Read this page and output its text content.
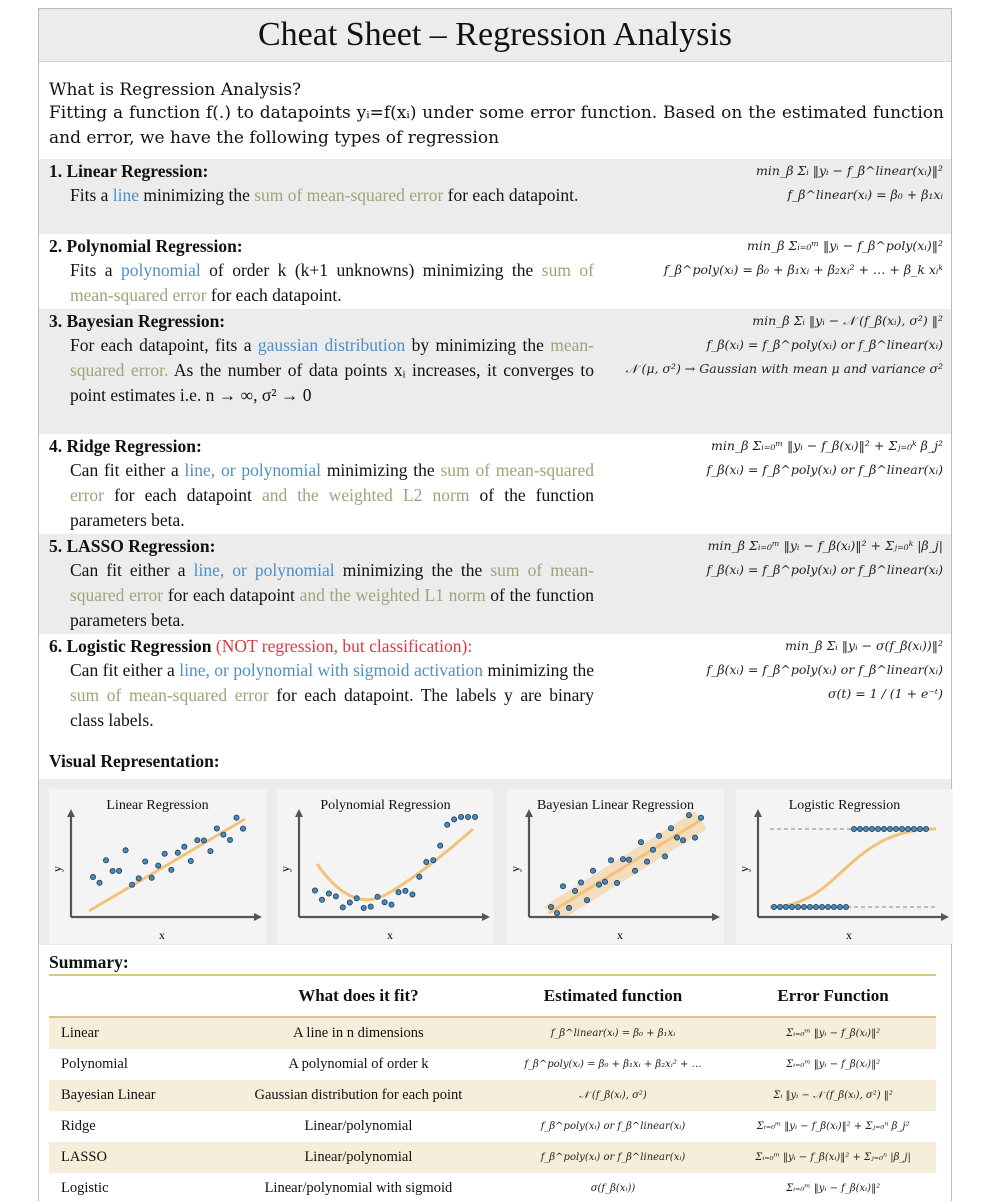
Cheat Sheet – Regression Analysis

What is Regression Analysis?

Fitting a function f(.) to datapoints yᵢ=f(xᵢ) under some error function. Based on the estimated function and error, we have the following types of regression

1. Linear Regression:
Fits a line minimizing the sum of mean-squared error for each datapoint.
min_β Σᵢ ‖yᵢ − f_β^linear(xᵢ)‖²
f_β^linear(xᵢ) = β₀ + β₁xᵢ
2. Polynomial Regression:
Fits a polynomial of order k (k+1 unknowns) minimizing the sum of mean-squared error for each datapoint.
min_β Σᵢ₌₀ᵐ ‖yᵢ − f_β^poly(xᵢ)‖²
f_β^poly(xᵢ) = β₀ + β₁xᵢ + β₂xᵢ² + … + β_k xᵢᵏ
3. Bayesian Regression:
For each datapoint, fits a gaussian distribution by minimizing the mean-squared error. As the number of data points xᵢ increases, it converges to point estimates i.e. n → ∞, σ² → 0
min_β Σᵢ ‖yᵢ − 𝒩 (f_β(xᵢ), σ²) ‖²
f_β(xᵢ) = f_β^poly(xᵢ) or f_β^linear(xᵢ)
𝒩 (μ, σ²) → Gaussian with mean μ and variance σ²
4. Ridge Regression:
Can fit either a line, or polynomial minimizing the sum of mean-squared error for each datapoint and the weighted L2 norm of the function parameters beta.
min_β Σᵢ₌₀ᵐ ‖yᵢ − f_β(xᵢ)‖² + Σⱼ₌₀ᵏ β_j²
f_β(xᵢ) = f_β^poly(xᵢ) or f_β^linear(xᵢ)
5. LASSO Regression:
Can fit either a line, or polynomial minimizing the the sum of mean-squared error for each datapoint and the weighted L1 norm of the function parameters beta.
min_β Σᵢ₌₀ᵐ ‖yᵢ − f_β(xᵢ)‖² + Σⱼ₌₀ᵏ |β_j|
f_β(xᵢ) = f_β^poly(xᵢ) or f_β^linear(xᵢ)
6. Logistic Regression (NOT regression, but classification):
Can fit either a line, or polynomial with sigmoid activation minimizing the sum of mean-squared error for each datapoint. The labels y are binary class labels.
min_β Σᵢ ‖yᵢ − σ(f_β(xᵢ))‖²
f_β(xᵢ) = f_β^poly(xᵢ) or f_β^linear(xᵢ)
σ(t) = 1 / (1 + e⁻ᵗ)
Visual Representation:
Linear Regression
x
y
Polynomial Regression
x
y
Bayesian Linear Regression
x
y
Logistic Regression
x
y
Summary:
	What does it fit?	Estimated function	Error Function
Linear	A line in n dimensions	f_β^linear(xᵢ) = β₀ + β₁xᵢ	Σᵢ₌₀ᵐ ‖yᵢ − f_β(xᵢ)‖²
Polynomial	A polynomial of order k	f_β^poly(xᵢ) = β₀ + β₁xᵢ + β₂xᵢ² + …	Σᵢ₌₀ᵐ ‖yᵢ − f_β(xᵢ)‖²
Bayesian Linear	Gaussian distribution for each point	𝒩 (f_β(xᵢ), σ²)	Σᵢ ‖yᵢ − 𝒩 (f_β(xᵢ), σ²) ‖²
Ridge	Linear/polynomial	f_β^poly(xᵢ) or f_β^linear(xᵢ)	Σᵢ₌₀ᵐ ‖yᵢ − f_β(xᵢ)‖² + Σⱼ₌₀ⁿ β_j²
LASSO	Linear/polynomial	f_β^poly(xᵢ) or f_β^linear(xᵢ)	Σᵢ₌₀ᵐ ‖yᵢ − f_β(xᵢ)‖² + Σⱼ₌₀ⁿ |β_j|
Logistic	Linear/polynomial with sigmoid	σ(f_β(xᵢ))	Σᵢ₌₀ᵐ ‖yᵢ − f_β(xᵢ)‖²
